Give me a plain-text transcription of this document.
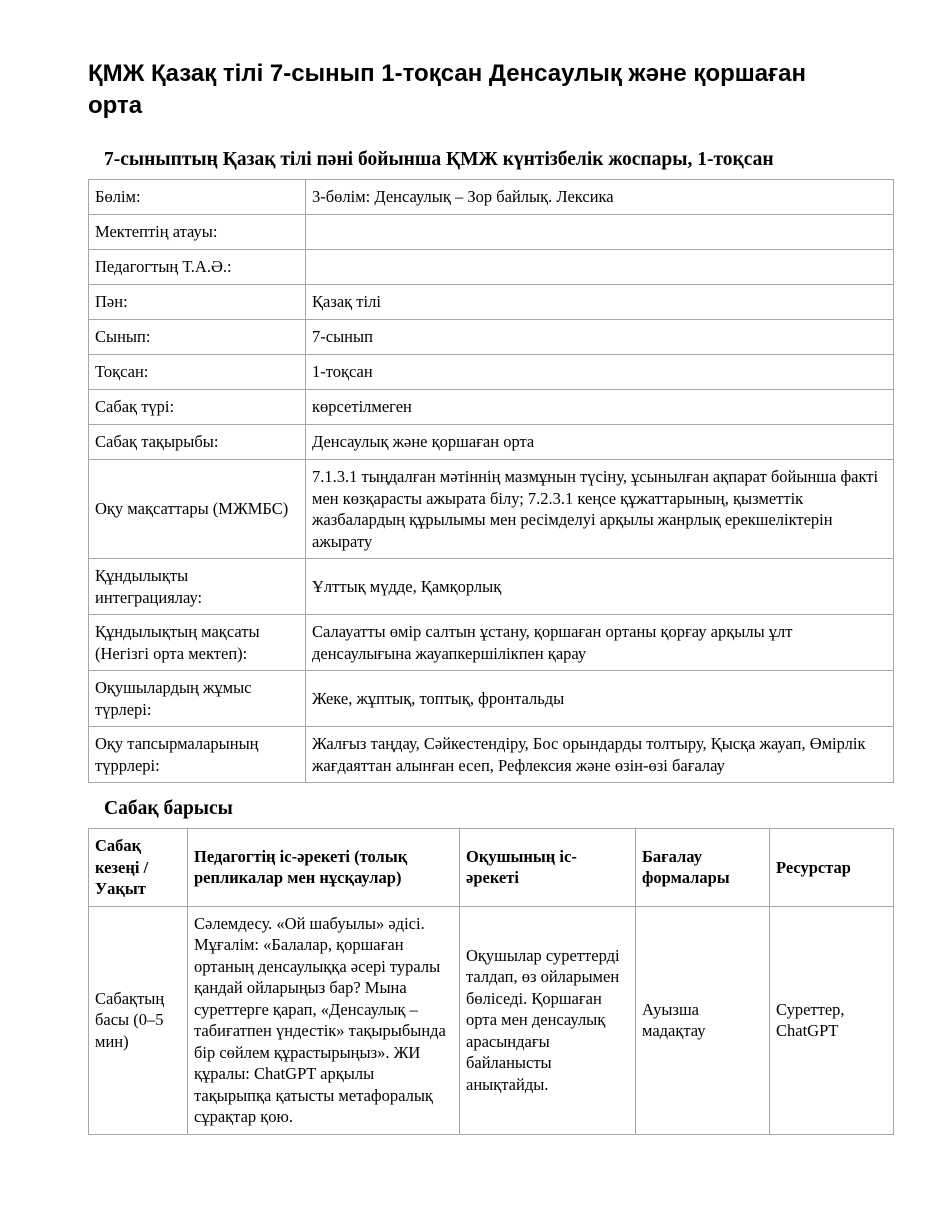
ҚМЖ Қазақ тілі 7-сынып 1-тоқсан Денсаулық және қоршаған орта
7-сыныптың Қазақ тілі пәні бойынша ҚМЖ күнтізбелік жоспары, 1-тоқсан
Бөлім:	3-бөлім: Денсаулық – Зор байлық. Лексика
Мектептің атауы:	
Педагогтың Т.А.Ә.:	
Пән:	Қазақ тілі
Сынып:	7-сынып
Тоқсан:	1-тоқсан
Сабақ түрі:	көрсетілмеген
Сабақ тақырыбы:	Денсаулық және қоршаған орта
Оқу мақсаттары (МЖМБС)	7.1.3.1 тыңдалған мәтіннің мазмұнын түсіну, ұсынылған ақпарат бойынша факті мен көзқарасты ажырата білу; 7.2.3.1 кеңсе құжаттарының, қызметтік жазбалардың құрылымы мен ресімделуі арқылы жанрлық ерекшеліктерін ажырату
Құндылықты интеграциялау:	Ұлттық мүдде, Қамқорлық
Құндылықтың мақсаты (Негізгі орта мектеп):	Салауатты өмір салтын ұстану, қоршаған ортаны қорғау арқылы ұлт денсаулығына жауапкершілікпен қарау
Оқушылардың жұмыс түрлері:	Жеке, жұптық, топтық, фронтальды
Оқу тапсырмаларының түррлері:	Жалғыз таңдау, Сәйкестендіру, Бос орындарды толтыру, Қысқа жауап, Өмірлік жағдаяттан алынған есеп, Рефлексия және өзін-өзі бағалау
Сабақ барысы
Сабақ кезеңі / Уақыт	Педагогтің іс-әрекеті (толық репликалар мен нұсқаулар)	Оқушының іс-әрекеті	Бағалау формалары	Ресурстар
Сабақтың басы (0–5 мин)	Сәлемдесу. «Ой шабуылы» әдісі. Мұғалім: «Балалар, қоршаған ортаның денсаулыққа әсері туралы қандай ойларыңыз бар? Мына суреттерге қарап, «Денсаулық – табиғатпен үндестік» тақырыбында бір сөйлем құрастырыңыз». ЖИ құралы: ChatGPT арқылы тақырыпқа қатысты метафоралық сұрақтар қою.	Оқушылар суреттерді талдап, өз ойларымен бөліседі. Қоршаған орта мен денсаулық арасындағы байланысты анықтайды.	Ауызша мадақтау	Суреттер, ChatGPT
